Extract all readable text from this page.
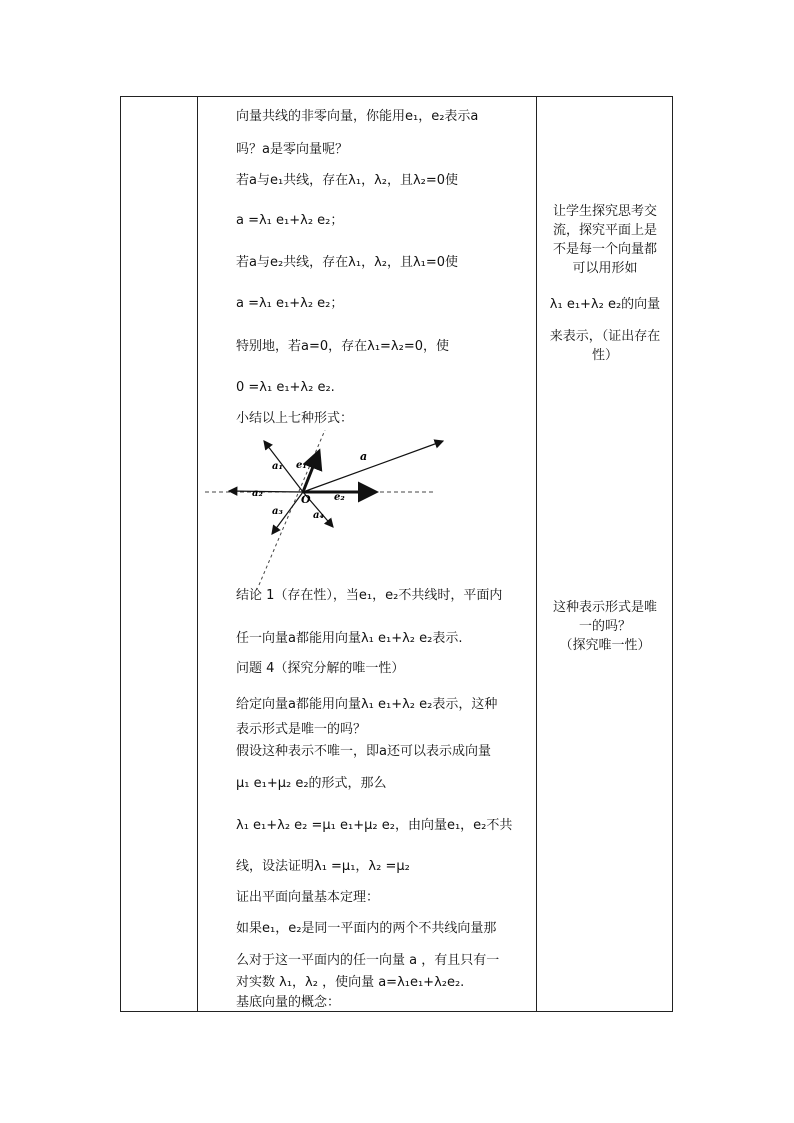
向量共线的非零向量，你能用e₁，e₂表示a
吗？a是零向量呢？
若a与e₁共线，存在λ₁，λ₂，且λ₂=0使
a =λ₁ e₁+λ₂ e₂；
若a与e₂共线，存在λ₁，λ₂，且λ₁=0使
a =λ₁ e₁+λ₂ e₂；
特别地，若a=0，存在λ₁=λ₂=0，使
0 =λ₁ e₁+λ₂ e₂.
小结以上七种形式：
a
a₁ e₁
a₂	O e₂
a₃	a₄
结论 1（存在性），当e₁，e₂不共线时，平面内
任一向量a都能用向量λ₁ e₁+λ₂ e₂表示.
问题 4（探究分解的唯一性）
给定向量a都能用向量λ₁ e₁+λ₂ e₂表示，这种
表示形式是唯一的吗？
假设这种表示不唯一，即a还可以表示成向量
μ₁ e₁+μ₂ e₂的形式，那么
λ₁ e₁+λ₂ e₂ =μ₁ e₁+μ₂ e₂，由向量e₁，e₂不共
线，设法证明λ₁ =μ₁，λ₂ =μ₂
证出平面向量基本定理：
如果e₁，e₂是同一平面内的两个不共线向量那
么对于这一平面内的任一向量 a ，有且只有一
对实数 λ₁，λ₂ ，使向量 a=λ₁e₁+λ₂e₂.
基底向量的概念：
让学生探究思考交
流，探究平面上是
不是每一个向量都
可以用形如
λ₁ e₁+λ₂ e₂的向量
来表示，（证出存在
性）
这种表示形式是唯
一的吗？
（探究唯一性）
